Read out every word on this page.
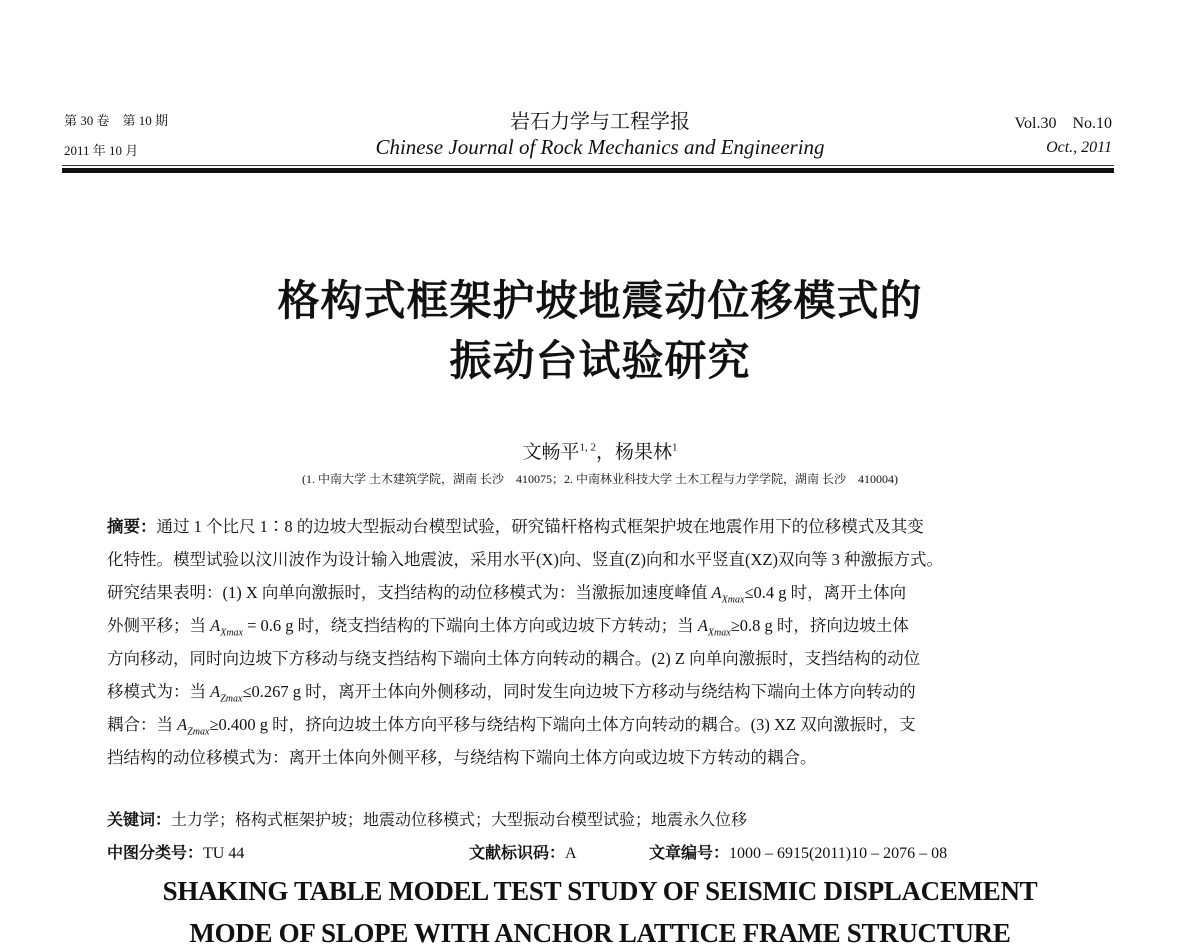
第 30 卷　第 10 期
2011 年 10 月
岩石力学与工程学报
Chinese Journal of Rock Mechanics and Engineering
Vol.30　No.10
Oct., 2011
格构式框架护坡地震动位移模式的
振动台试验研究
文畅平$^{1, 2}$，杨果林$^1$
(1. 中南大学 土木建筑学院，湖南 长沙　410075；2. 中南林业科技大学 土木工程与力学学院，湖南 长沙　410004)
摘要：通过 1 个比尺 1∶8 的边坡大型振动台模型试验，研究锚杆格构式框架护坡在地震作用下的位移模式及其变
化特性。模型试验以汶川波作为设计输入地震波，采用水平(X)向、竖直(Z)向和水平竖直(XZ)双向等 3 种激振方式。
研究结果表明：(1) X 向单向激振时，支挡结构的动位移模式为：当激振加速度峰值 $A_{Xmax}\le 0.4$ g 时，离开土体向
外侧平移；当 $A_{Xmax} = 0.6$ g 时，绕支挡结构的下端向土体方向或边坡下方转动；当 $A_{Xmax}\ge 0.8$ g 时，挤向边坡土体
方向移动，同时向边坡下方移动与绕支挡结构下端向土体方向转动的耦合。(2) Z 向单向激振时，支挡结构的动位
移模式为：当 $A_{Zmax}\le 0.267$ g 时，离开土体向外侧移动，同时发生向边坡下方移动与绕结构下端向土体方向转动的
耦合：当 $A_{Zmax}\ge 0.400$ g 时，挤向边坡土体方向平移与绕结构下端向土体方向转动的耦合。(3) XZ 双向激振时，支
挡结构的动位移模式为：离开土体向外侧平移，与绕结构下端向土体方向或边坡下方转动的耦合。
关键词：土力学；格构式框架护坡；地震动位移模式；大型振动台模型试验；地震永久位移
中图分类号：TU 44	文献标识码：A	文章编号：1000 – 6915(2011)10 – 2076 – 08
SHAKING TABLE MODEL TEST STUDY OF SEISMIC DISPLACEMENT
MODE OF SLOPE WITH ANCHOR LATTICE FRAME STRUCTURE
